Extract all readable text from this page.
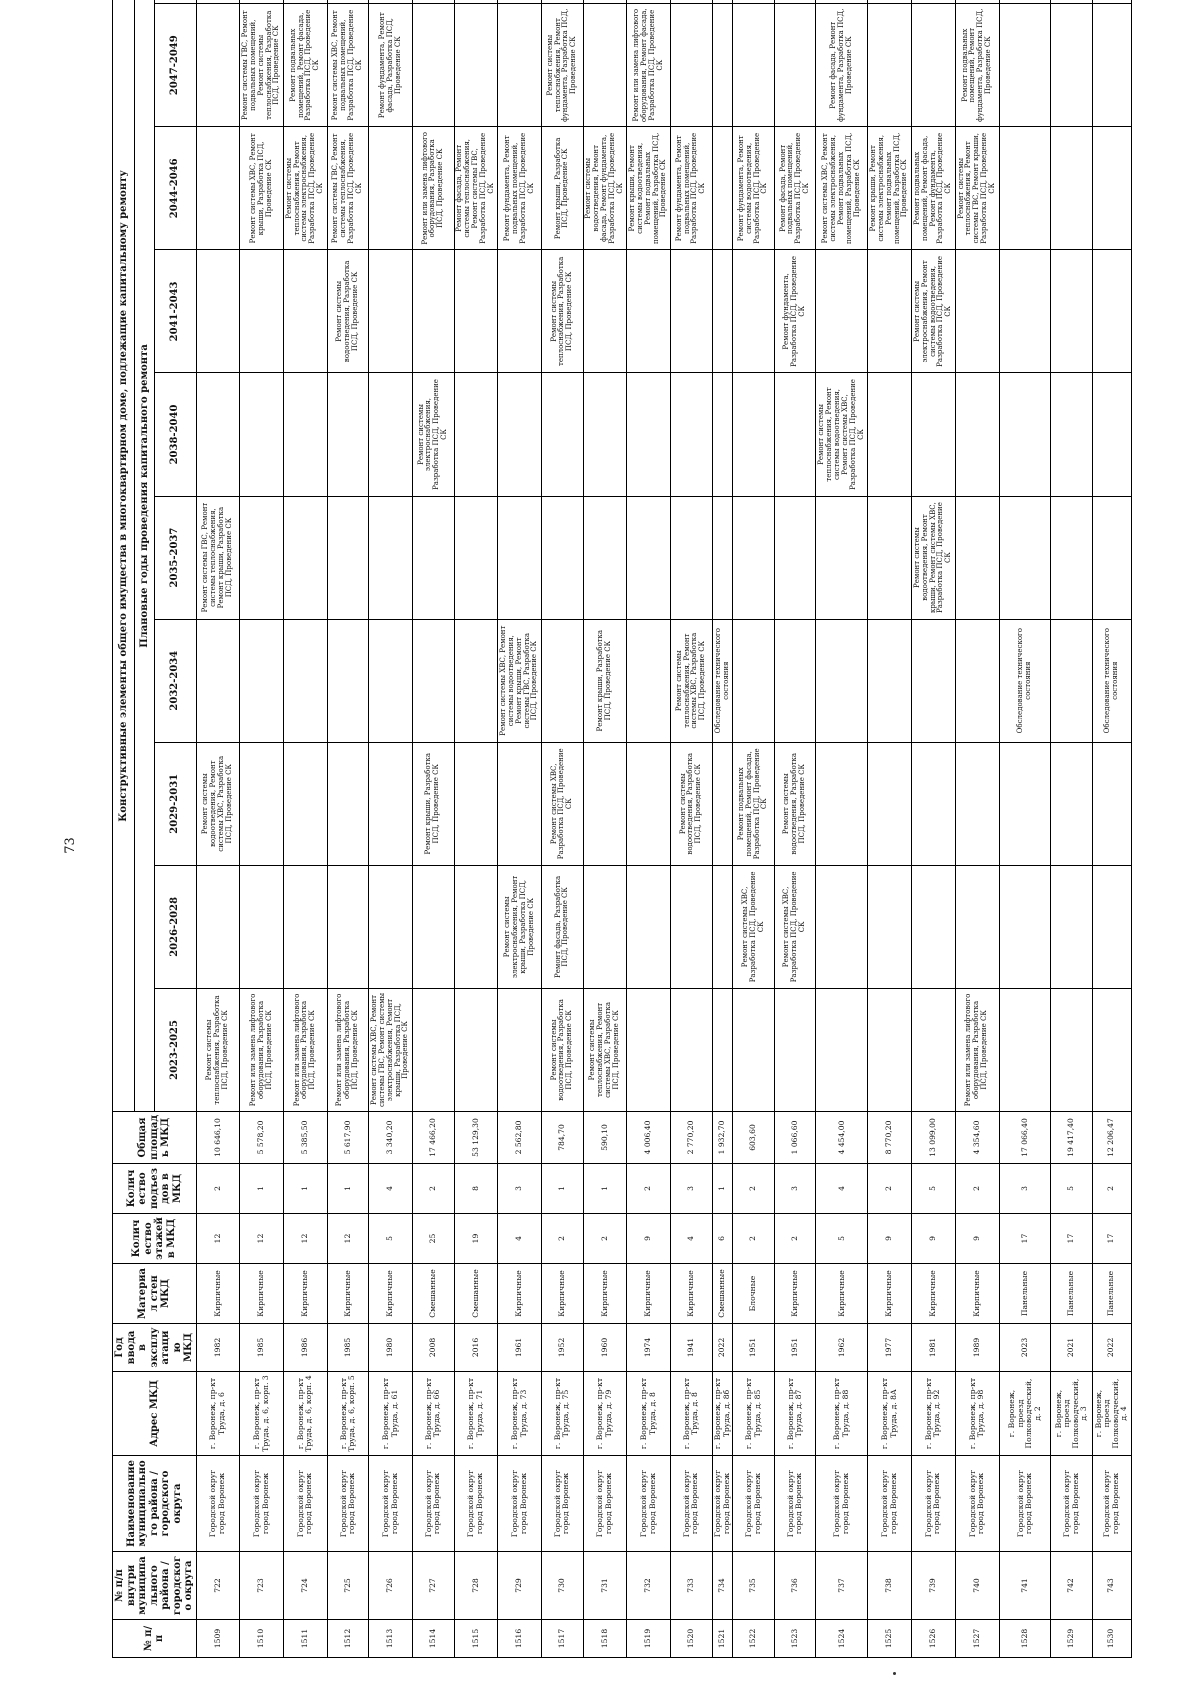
73
№ п/п	№ п/п внутри муниципального района / городского округа	Наименование муниципального района / городского округа	Адрес МКД	Год ввода в эксплуатацию МКД	Материал стен МКД	Количество этажей в МКД	Количество подъездов в МКД	Общая площадь МКД	Конструктивные элементы общего имущества в многоквартирном доме, подлежащие капитальному ремонту									
									Плановые годы проведения капитального ремонта									
									2023-2025	2026-2028	2029-2031	2032-2034	2035-2037	2038-2040	2041-2043	2044-2046	2047-2049	
1509	722	Городской округ город Воронеж	г. Воронеж, пр-кт Труда, д. 6	1982	Кирпичные	12	2	10 646,10	Ремонт системы теплоснабжения, Разработка ПСД, Проведение СК		Ремонт системы водоотведения, Ремонт системы ХВС, Разработка ПСД, Проведение СК		Ремонт системы ГВС, Ремонт системы теплоснабжения, Ремонт крыши, Разработка ПСД, Проведение СК					
1510	723	Городской округ город Воронеж	г. Воронеж, пр-кт Труда, д. 6, корп. 3	1985	Кирпичные	12	1	5 578,20	Ремонт или замена лифтового оборудования, Разработка ПСД, Проведение СК							Ремонт системы ХВС, Ремонт крыши, Разработка ПСД, Проведение СК	Ремонт системы ГВС, Ремонт подвальных помещений, Ремонт системы теплоснабжения, Разработка ПСД, Проведение СК	
1511	724	Городской округ город Воронеж	г. Воронеж, пр-кт Труда, д. 6, корп. 4	1986	Кирпичные	12	1	5 385,50	Ремонт или замена лифтового оборудования, Разработка ПСД, Проведение СК							Ремонт системы теплоснабжения, Ремонт системы электроснабжения, Разработка ПСД, Проведение СК	Ремонт подвальных помещений, Ремонт фасада, Разработка ПСД, Проведение СК	
1512	725	Городской округ город Воронеж	г. Воронеж, пр-кт Труда, д. 6, корп. 5	1985	Кирпичные	12	1	5 617,90	Ремонт или замена лифтового оборудования, Разработка ПСД, Проведение СК						Ремонт системы водоотведения, Разработка ПСД, Проведение СК	Ремонт системы ГВС, Ремонт системы теплоснабжения, Разработка ПСД, Проведение СК	Ремонт системы ХВС, Ремонт подвальных помещений, Разработка ПСД, Проведение СК	
1513	726	Городской округ город Воронеж	г. Воронеж, пр-кт Труда, д. 61	1980	Кирпичные	5	4	3 340,20	Ремонт системы ХВС, Ремонт системы ГВС, Ремонт системы электроснабжения, Ремонт крыши, Разработка ПСД, Проведение СК								Ремонт фундамента, Ремонт фасада, Разработка ПСД, Проведение СК	
1514	727	Городской округ город Воронеж	г. Воронеж, пр-кт Труда, д. 66	2008	Смешанные	25	2	17 466,20			Ремонт крыши, Разработка ПСД, Проведение СК			Ремонт системы электроснабжения, Разработка ПСД, Проведение СК		Ремонт или замена лифтового оборудования, Разработка ПСД, Проведение СК		
1515	728	Городской округ город Воронеж	г. Воронеж, пр-кт Труда, д. 71	2016	Смешанные	19	8	53 129,30								Ремонт фасада, Ремонт системы теплоснабжения, Ремонт системы ГВС, Разработка ПСД, Проведение СК		
1516	729	Городской округ город Воронеж	г. Воронеж, пр-кт Труда, д. 73	1961	Кирпичные	4	3	2 562,80		Ремонт системы электроснабжения, Ремонт крыши, Разработка ПСД, Проведение СК		Ремонт системы ХВС, Ремонт системы водоотведения, Ремонт крыши, Ремонт системы ГВС, Разработка ПСД, Проведение СК				Ремонт фундамента, Ремонт подвальных помещений, Разработка ПСД, Проведение СК		
1517	730	Городской округ город Воронеж	г. Воронеж, пр-кт Труда, д. 75	1952	Кирпичные	2	1	784,70	Ремонт системы водоотведения, Разработка ПСД, Проведение СК	Ремонт фасада, Разработка ПСД, Проведение СК	Ремонт системы ХВС, Разработка ПСД, Проведение СК				Ремонт системы теплоснабжения, Разработка ПСД, Проведение СК	Ремонт крыши, Разработка ПСД, Проведение СК	Ремонт системы теплоснабжения, Ремонт фундамента, Разработка ПСД, Проведение СК	
1518	731	Городской округ город Воронеж	г. Воронеж, пр-кт Труда, д. 79	1960	Кирпичные	2	1	590,10	Ремонт системы теплоснабжения, Ремонт системы ХВС, Разработка ПСД, Проведение СК			Ремонт крыши, Разработка ПСД, Проведение СК				Ремонт системы водоотведения, Ремонт фасада, Ремонт фундамента, Разработка ПСД, Проведение СК		
1519	732	Городской округ город Воронеж	г. Воронеж, пр-кт Труда, д. 8	1974	Кирпичные	9	2	4 006,40								Ремонт крыши, Ремонт системы водоотведения, Ремонт подвальных помещений, Разработка ПСД, Проведение СК	Ремонт или замена лифтового оборудования, Ремонт фасада, Разработка ПСД, Проведение СК	
1520	733	Городской округ город Воронеж	г. Воронеж, пр-кт Труда, д. 8	1941	Кирпичные	4	3	2 770,20			Ремонт системы водоотведения, Разработка ПСД, Проведение СК	Ремонт системы теплоснабжения, Ремонт системы ХВС, Разработка ПСД, Проведение СК				Ремонт фундамента, Ремонт подвальных помещений, Разработка ПСД, Проведение СК		
1521	734	Городской округ город Воронеж	г. Воронеж, пр-кт Труда, д. 8б	2022	Смешанные	6	1	1 932,70				Обследование технического состояния						
1522	735	Городской округ город Воронеж	г. Воронеж, пр-кт Труда, д. 85	1951	Блочные	2	2	603,60		Ремонт системы ХВС, Разработка ПСД, Проведение СК	Ремонт подвальных помещений, Ремонт фасада, Разработка ПСД, Проведение СК					Ремонт фундамента, Ремонт системы водоотведения, Разработка ПСД, Проведение СК		
1523	736	Городской округ город Воронеж	г. Воронеж, пр-кт Труда, д. 87	1951	Кирпичные	2	3	1 066,60		Ремонт системы ХВС, Разработка ПСД, Проведение СК	Ремонт системы водоотведения, Разработка ПСД, Проведение СК				Ремонт фундамента, Разработка ПСД, Проведение СК	Ремонт фасада, Ремонт подвальных помещений, Разработка ПСД, Проведение СК		
1524	737	Городской округ город Воронеж	г. Воронеж, пр-кт Труда, д. 88	1962	Кирпичные	5	4	4 454,00						Ремонт системы теплоснабжения, Ремонт системы водоотведения, Ремонт системы ХВС, Разработка ПСД, Проведение СК		Ремонт системы ХВС, Ремонт системы электроснабжения, Ремонт подвальных помещений, Разработка ПСД, Проведение СК	Ремонт фасада, Ремонт фундамента, Разработка ПСД, Проведение СК	
1525	738	Городской округ город Воронеж	г. Воронеж, пр-кт Труда, д. 8А	1977	Кирпичные	9	2	8 770,20								Ремонт крыши, Ремонт системы электроснабжения, Ремонт подвальных помещений, Разработка ПСД, Проведение СК		
1526	739	Городской округ город Воронеж	г. Воронеж, пр-кт Труда, д. 92	1981	Кирпичные	9	5	13 099,00					Ремонт системы водоотведения, Ремонт крыши, Ремонт системы ХВС, Разработка ПСД, Проведение СК		Ремонт системы электроснабжения, Ремонт системы водоотведения, Разработка ПСД, Проведение СК	Ремонт подвальных помещений, Ремонт фасада, Ремонт фундамента, Разработка ПСД, Проведение СК		
1527	740	Городской округ город Воронеж	г. Воронеж, пр-кт Труда, д. 98	1989	Кирпичные	9	2	4 354,60	Ремонт или замена лифтового оборудования, Разработка ПСД, Проведение СК							Ремонт системы теплоснабжения, Ремонт системы ГВС, Ремонт крыши, Разработка ПСД, Проведение СК	Ремонт подвальных помещений, Ремонт фундамента, Разработка ПСД, Проведение СК	
1528	741	Городской округ город Воронеж	г. Воронеж, проезд Полководческий, д. 2	2023	Панельные	17	3	17 066,40				Обследование технического состояния						
1529	742	Городской округ город Воронеж	г. Воронеж, проезд Полководческий, д. 3	2021	Панельные	17	5	19 417,40										
1530	743	Городской округ город Воронеж	г. Воронеж, проезд Полководческий, д. 4	2022	Панельные	17	2	12 206,47				Обследование технического состояния						
